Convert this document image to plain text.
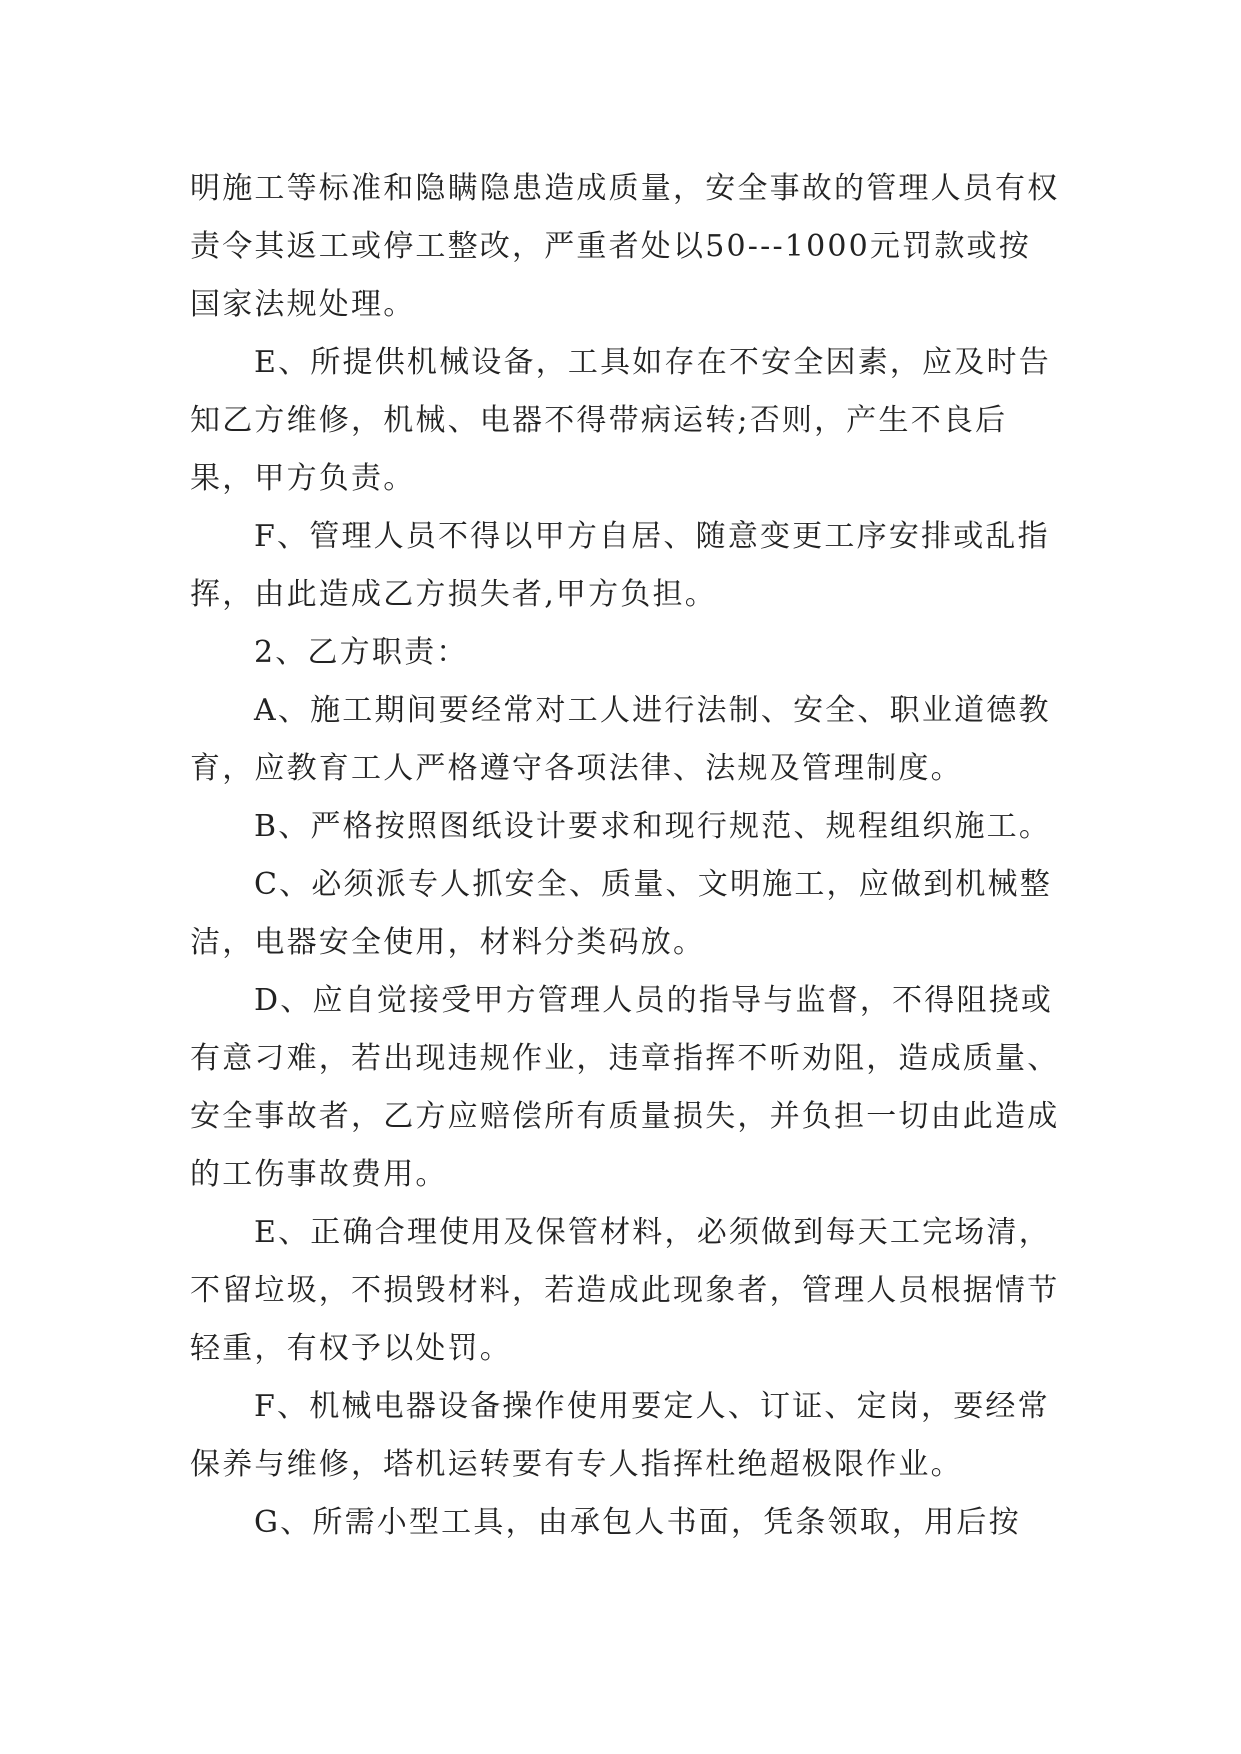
明施工等标准和隐瞒隐患造成质量，安全事故的管理人员有权责令其返工或停工整改，严重者处以50---1000元罚款或按国家法规处理。

E、所提供机械设备，工具如存在不安全因素，应及时告知乙方维修，机械、电器不得带病运转;否则，产生不良后果，甲方负责。

F、管理人员不得以甲方自居、随意变更工序安排或乱指挥，由此造成乙方损失者,甲方负担。

2、乙方职责：

A、施工期间要经常对工人进行法制、安全、职业道德教育，应教育工人严格遵守各项法律、法规及管理制度。

B、严格按照图纸设计要求和现行规范、规程组织施工。

C、必须派专人抓安全、质量、文明施工，应做到机械整洁，电器安全使用，材料分类码放。

D、应自觉接受甲方管理人员的指导与监督，不得阻挠或有意刁难，若出现违规作业，违章指挥不听劝阻，造成质量、安全事故者，乙方应赔偿所有质量损失，并负担一切由此造成的工伤事故费用。

E、正确合理使用及保管材料，必须做到每天工完场清，不留垃圾，不损毁材料，若造成此现象者，管理人员根据情节轻重，有权予以处罚。

F、机械电器设备操作使用要定人、订证、定岗，要经常保养与维修，塔机运转要有专人指挥杜绝超极限作业。

G、所需小型工具，由承包人书面，凭条领取，用后按
